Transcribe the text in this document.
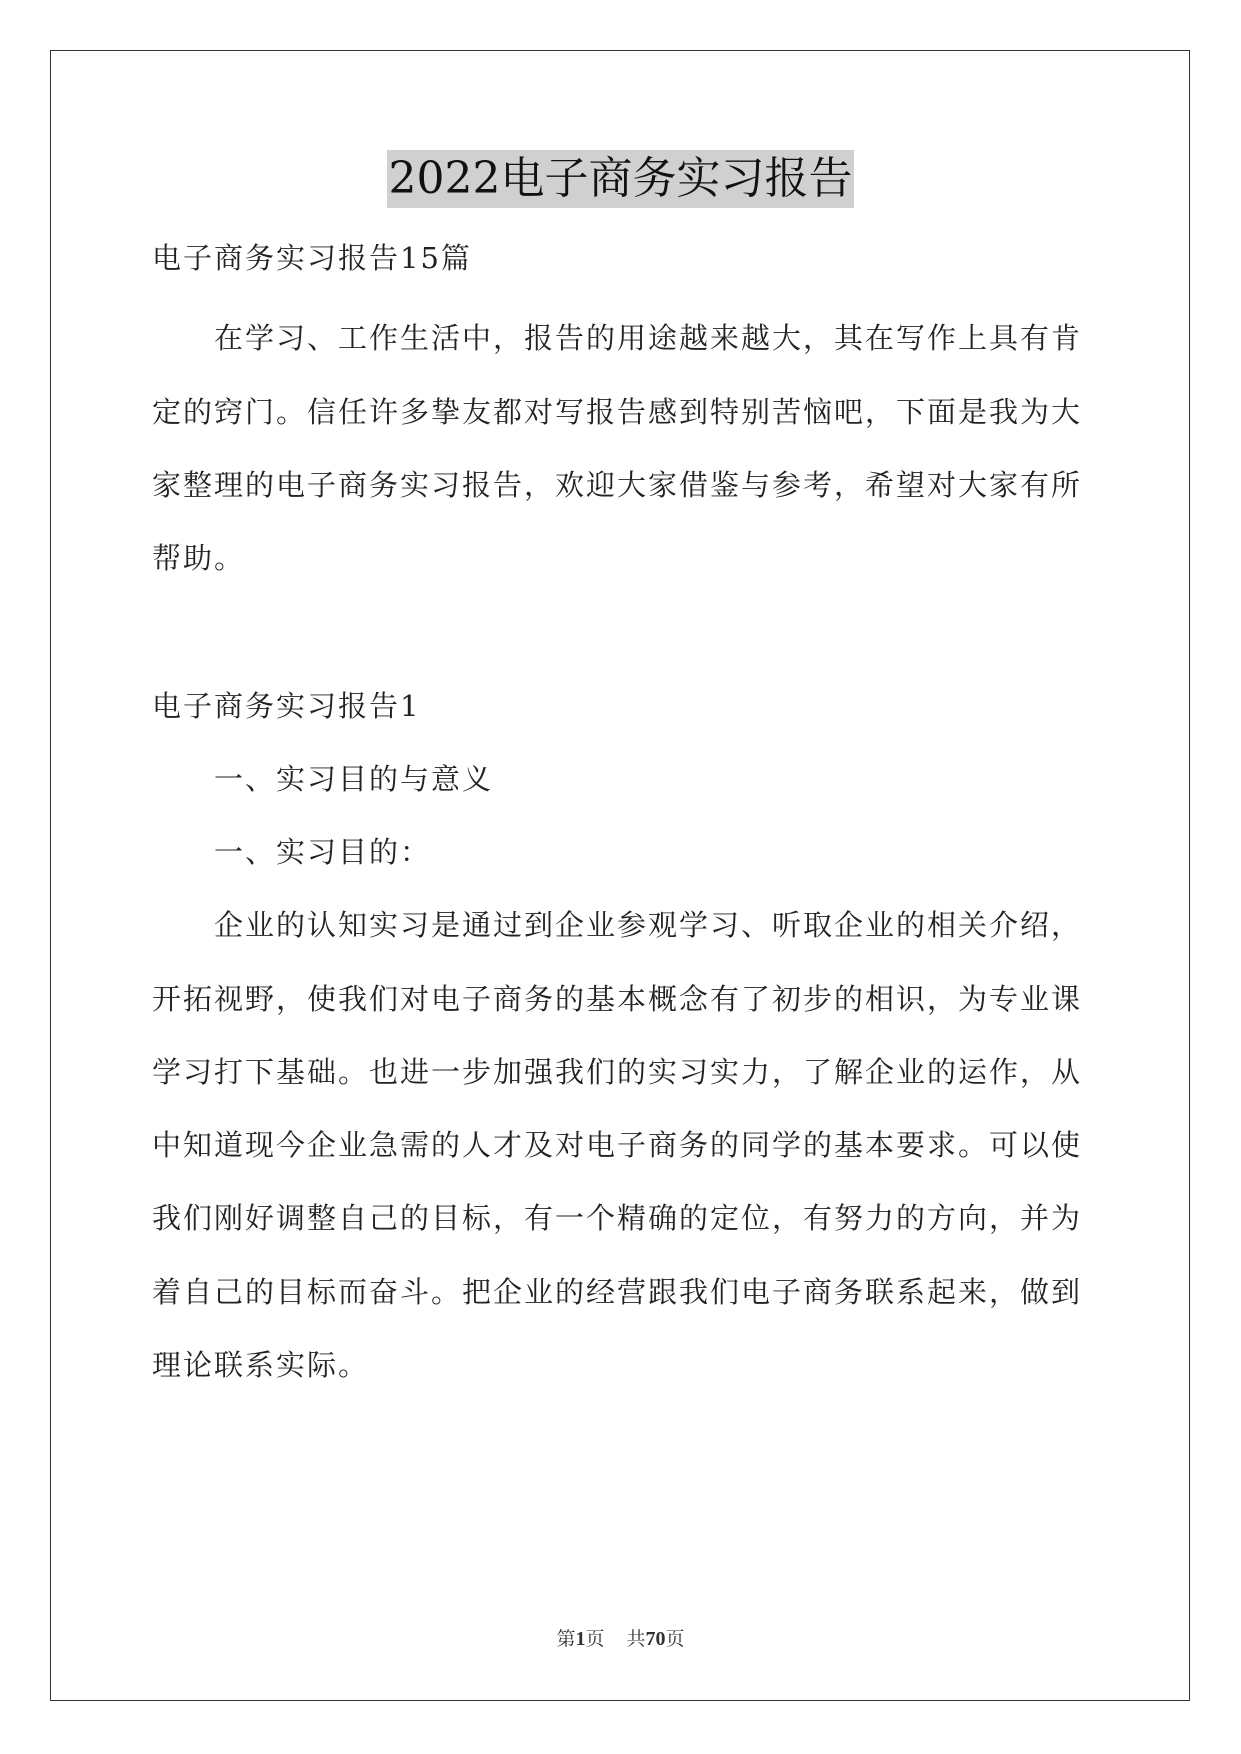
2022电子商务实习报告
电子商务实习报告15篇
在学习、工作生活中，报告的用途越来越大，其在写作上具有肯
定的窍门。信任许多挚友都对写报告感到特别苦恼吧，下面是我为大
家整理的电子商务实习报告，欢迎大家借鉴与参考，希望对大家有所
帮助。
电子商务实习报告1
一、实习目的与意义
一、实习目的：
企业的认知实习是通过到企业参观学习、听取企业的相关介绍，
开拓视野，使我们对电子商务的基本概念有了初步的相识，为专业课
学习打下基础。也进一步加强我们的实习实力，了解企业的运作，从
中知道现今企业急需的人才及对电子商务的同学的基本要求。可以使
我们刚好调整自己的目标，有一个精确的定位，有努力的方向，并为
着自己的目标而奋斗。把企业的经营跟我们电子商务联系起来，做到
理论联系实际。
第1页 共70页
